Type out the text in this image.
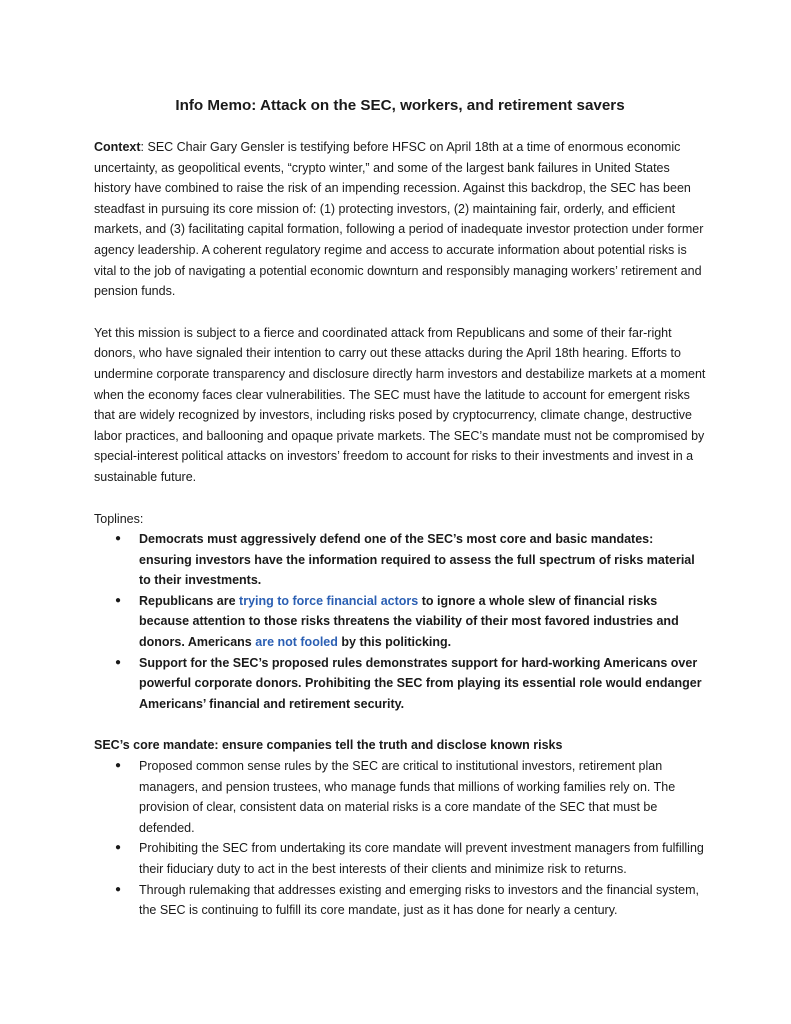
Info Memo: Attack on the SEC, workers, and retirement savers

Context: SEC Chair Gary Gensler is testifying before HFSC on April 18th at a time of enormous economic uncertainty, as geopolitical events, “crypto winter,” and some of the largest bank failures in United States history have combined to raise the risk of an impending recession. Against this backdrop, the SEC has been steadfast in pursuing its core mission of: (1) protecting investors, (2) maintaining fair, orderly, and efficient markets, and (3) facilitating capital formation, following a period of inadequate investor protection under former agency leadership. A coherent regulatory regime and access to accurate information about potential risks is vital to the job of navigating a potential economic downturn and responsibly managing workers’ retirement and pension funds.

Yet this mission is subject to a fierce and coordinated attack from Republicans and some of their far-right donors, who have signaled their intention to carry out these attacks during the April 18th hearing. Efforts to undermine corporate transparency and disclosure directly harm investors and destabilize markets at a moment when the economy faces clear vulnerabilities. The SEC must have the latitude to account for emergent risks that are widely recognized by investors, including risks posed by cryptocurrency, climate change, destructive labor practices, and ballooning and opaque private markets. The SEC’s mandate must not be compromised by special-interest political attacks on investors’ freedom to account for risks to their investments and invest in a sustainable future.

Toplines:
● Democrats must aggressively defend one of the SEC’s most core and basic mandates: ensuring investors have the information required to assess the full spectrum of risks material to their investments.
● Republicans are trying to force financial actors to ignore a whole slew of financial risks because attention to those risks threatens the viability of their most favored industries and donors. Americans are not fooled by this politicking.
● Support for the SEC’s proposed rules demonstrates support for hard-working Americans over powerful corporate donors. Prohibiting the SEC from playing its essential role would endanger Americans’ financial and retirement security.
SEC’s core mandate: ensure companies tell the truth and disclose known risks
● Proposed common sense rules by the SEC are critical to institutional investors, retirement plan managers, and pension trustees, who manage funds that millions of working families rely on. The provision of clear, consistent data on material risks is a core mandate of the SEC that must be defended.
● Prohibiting the SEC from undertaking its core mandate will prevent investment managers from fulfilling their fiduciary duty to act in the best interests of their clients and minimize risk to returns.
● Through rulemaking that addresses existing and emerging risks to investors and the financial system, the SEC is continuing to fulfill its core mandate, just as it has done for nearly a century.
